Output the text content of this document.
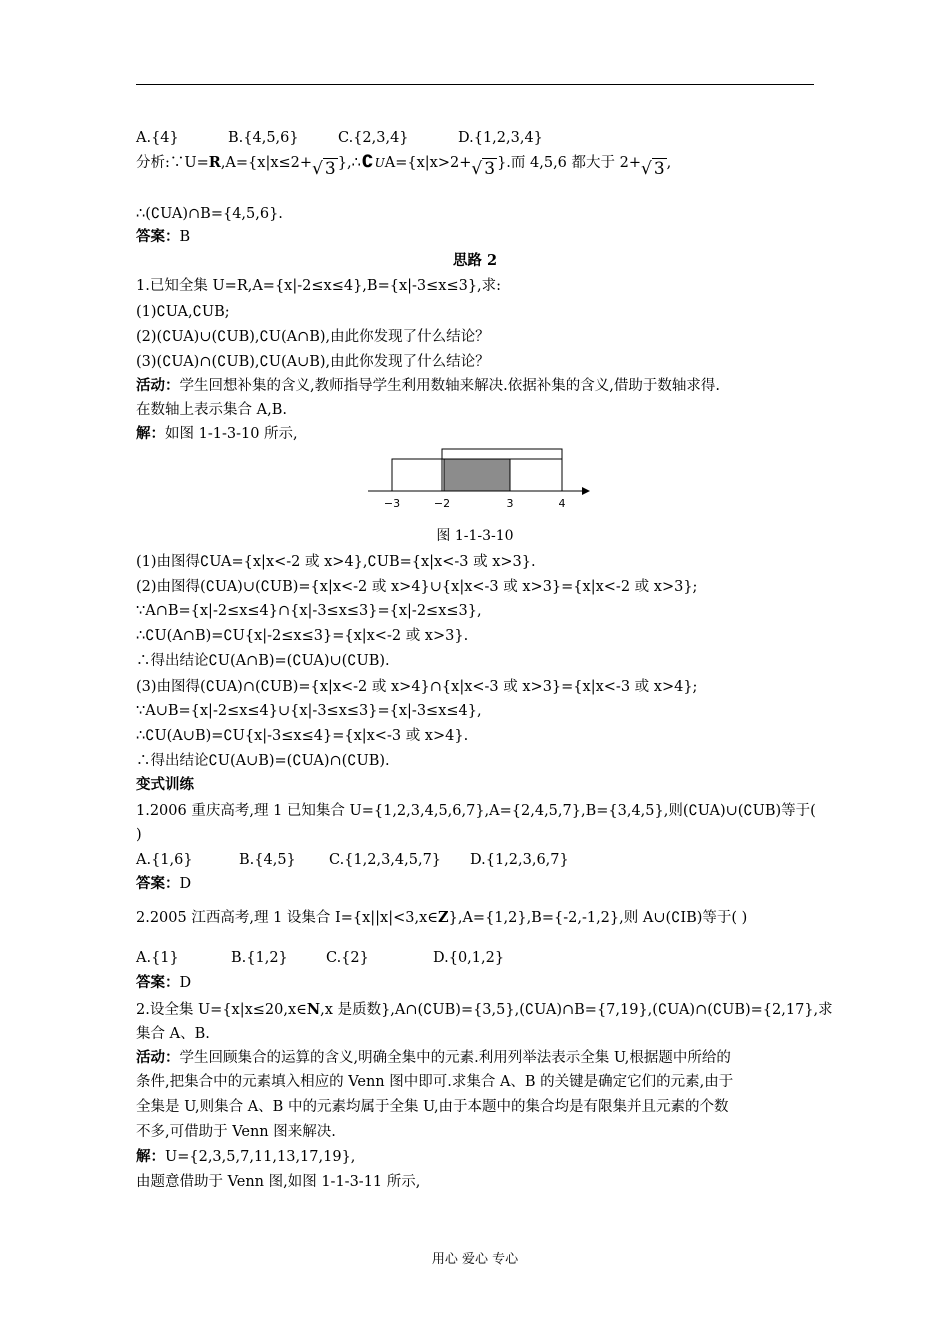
A.{4}	B.{4,5,6}	C.{2,3,4}	D.{1,2,3,4}
分析:∵U=R,A={x|x≤2+√ 3 },∴∁UA={x|x>2+√ 3 }.而 4,5,6 都大于 2+√ 3 ,
∴(∁UA)∩B={4,5,6}.
答案：B
思路 2
1.已知全集 U=R,A={x|-2≤x≤4},B={x|-3≤x≤3},求:
(1)∁UA,∁UB;
(2)(∁UA)∪(∁UB),∁U(A∩B),由此你发现了什么结论？
(3)(∁UA)∩(∁UB),∁U(A∪B),由此你发现了什么结论？
活动：学生回想补集的含义,教师指导学生利用数轴来解决.依据补集的含义,借助于数轴求得.
在数轴上表示集合 A,B.
解：如图 1-1-3-10 所示,
−3	−2	3	4
图 1-1-3-10
(1)由图得∁UA={x|x<-2 或 x>4},∁UB={x|x<-3 或 x>3}.
(2)由图得(∁UA)∪(∁UB)={x|x<-2 或 x>4}∪{x|x<-3 或 x>3}={x|x<-2 或 x>3};
∵A∩B={x|-2≤x≤4}∩{x|-3≤x≤3}={x|-2≤x≤3},
∴∁U(A∩B)=∁U{x|-2≤x≤3}={x|x<-2 或 x>3}.
∴得出结论∁U(A∩B)=(∁UA)∪(∁UB).
(3)由图得(∁UA)∩(∁UB)={x|x<-2 或 x>4}∩{x|x<-3 或 x>3}={x|x<-3 或 x>4};
∵A∪B={x|-2≤x≤4}∪{x|-3≤x≤3}={x|-3≤x≤4},
∴∁U(A∪B)=∁U{x|-3≤x≤4}={x|x<-3 或 x>4}.
∴得出结论∁U(A∪B)=(∁UA)∩(∁UB).
变式训练
1.2006 重庆高考,理 1 已知集合 U={1,2,3,4,5,6,7},A={2,4,5,7},B={3,4,5},则(∁UA)∪(∁UB)等于(
)
A.{1,6}	B.{4,5} C.{1,2,3,4,5,7} D.{1,2,3,6,7}
答案：D
2.2005 江西高考,理 1 设集合 I={x||x|<3,x∈Z},A={1,2},B={-2,-1,2},则 A∪(∁IB)等于( )
A.{1}	B.{1,2}	C.{2}	D.{0,1,2}
答案：D
2.设全集 U={x|x≤20,x∈N,x 是质数},A∩(∁UB)={3,5},(∁UA)∩B={7,19},(∁UA)∩(∁UB)={2,17},求
集合 A、B.
活动：学生回顾集合的运算的含义,明确全集中的元素.利用列举法表示全集 U,根据题中所给的
条件,把集合中的元素填入相应的 Venn 图中即可.求集合 A、B 的关键是确定它们的元素,由于
全集是 U,则集合 A、B 中的元素均属于全集 U,由于本题中的集合均是有限集并且元素的个数
不多,可借助于 Venn 图来解决.
解：U={2,3,5,7,11,13,17,19},
由题意借助于 Venn 图,如图 1-1-3-11 所示,
用心 爱心 专心
